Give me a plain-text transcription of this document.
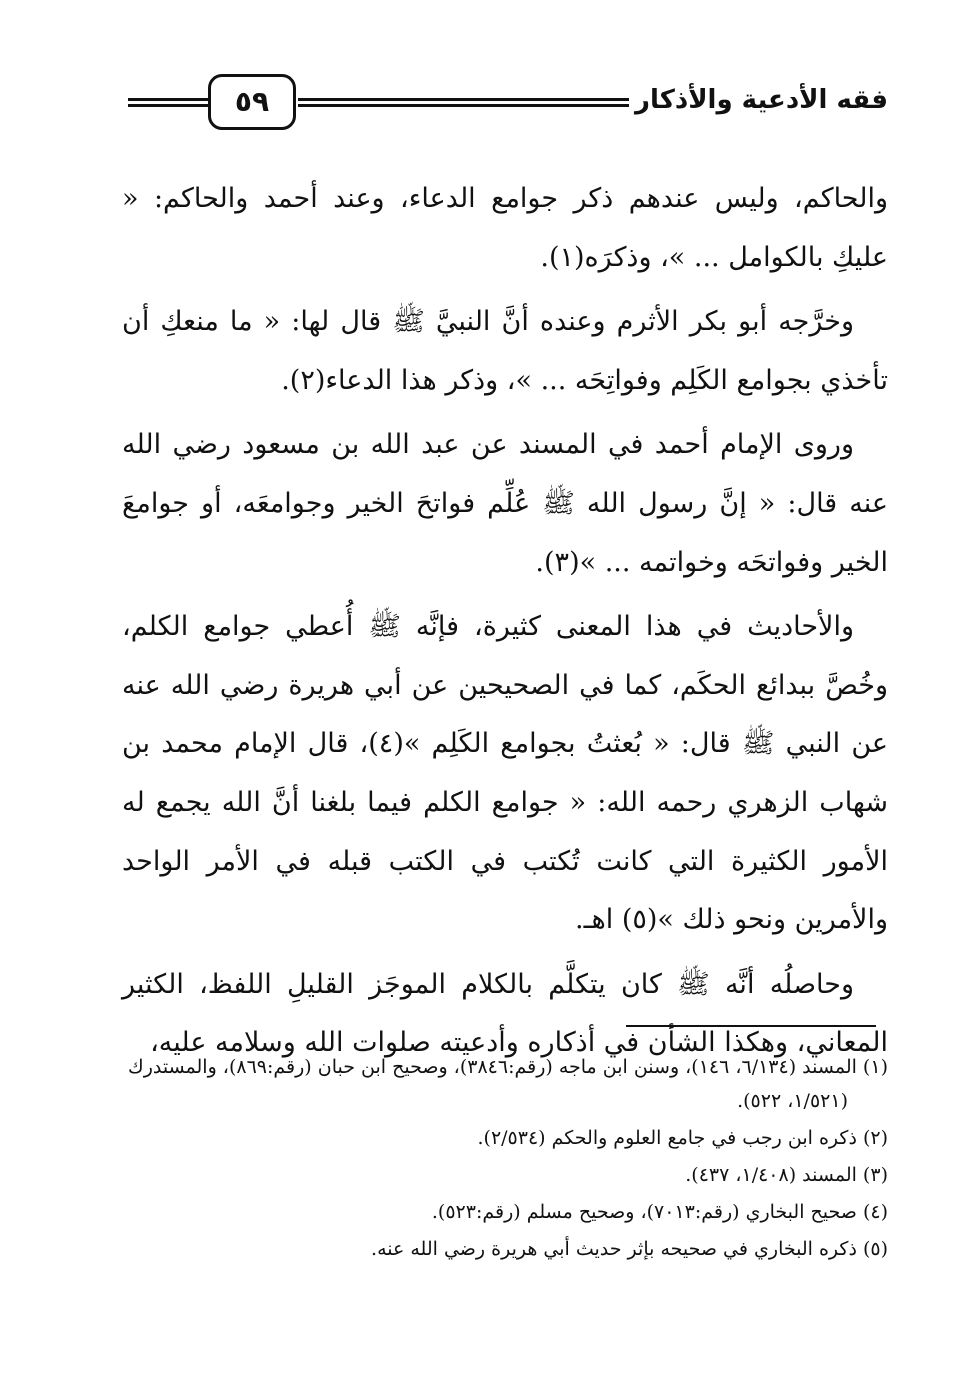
٥٩	فقه الأدعية والأذكار

والحاكم، وليس عندهم ذكر جوامع الدعاء، وعند أحمد والحاكم: « عليكِ بالكوامل ... »، وذكرَه(١).

وخرَّجه أبو بكر الأثرم وعنده أنَّ النبيَّ ﷺ قال لها: « ما منعكِ أن تأخذي بجوامع الكَلِم وفواتِحَه ... »، وذكر هذا الدعاء(٢).

وروى الإمام أحمد في المسند عن عبد الله بن مسعود رضي الله عنه قال: « إنَّ رسول الله ﷺ عُلِّم فواتحَ الخير وجوامعَه، أو جوامعَ الخير وفواتحَه وخواتمه ... »(٣).

والأحاديث في هذا المعنى كثيرة، فإنَّه ﷺ أُعطي جوامع الكلم، وخُصَّ ببدائع الحكَم، كما في الصحيحين عن أبي هريرة رضي الله عنه عن النبي ﷺ قال: « بُعثتُ بجوامع الكَلِم »(٤)، قال الإمام محمد بن شهاب الزهري رحمه الله: « جوامع الكلم فيما بلغنا أنَّ الله يجمع له الأمور الكثيرة التي كانت تُكتب في الكتب قبله في الأمر الواحد والأمرين ونحو ذلك »(٥) اهـ.

وحاصلُه أنَّه ﷺ كان يتكلَّم بالكلام الموجَز القليلِ اللفظ، الكثير المعاني، وهكذا الشأن في أذكاره وأدعيته صلوات الله وسلامه عليه،

(١) المسند (٦/١٣٤، ١٤٦)، وسنن ابن ماجه (رقم:٣٨٤٦)، وصحيح ابن حبان (رقم:٨٦٩)، والمستدرك (١/٥٢١، ٥٢٢).

(٢) ذكره ابن رجب في جامع العلوم والحكم (٢/٥٣٤).

(٣) المسند (١/٤٠٨، ٤٣٧).

(٤) صحيح البخاري (رقم:٧٠١٣)، وصحيح مسلم (رقم:٥٢٣).

(٥) ذكره البخاري في صحيحه بإثر حديث أبي هريرة رضي الله عنه.
